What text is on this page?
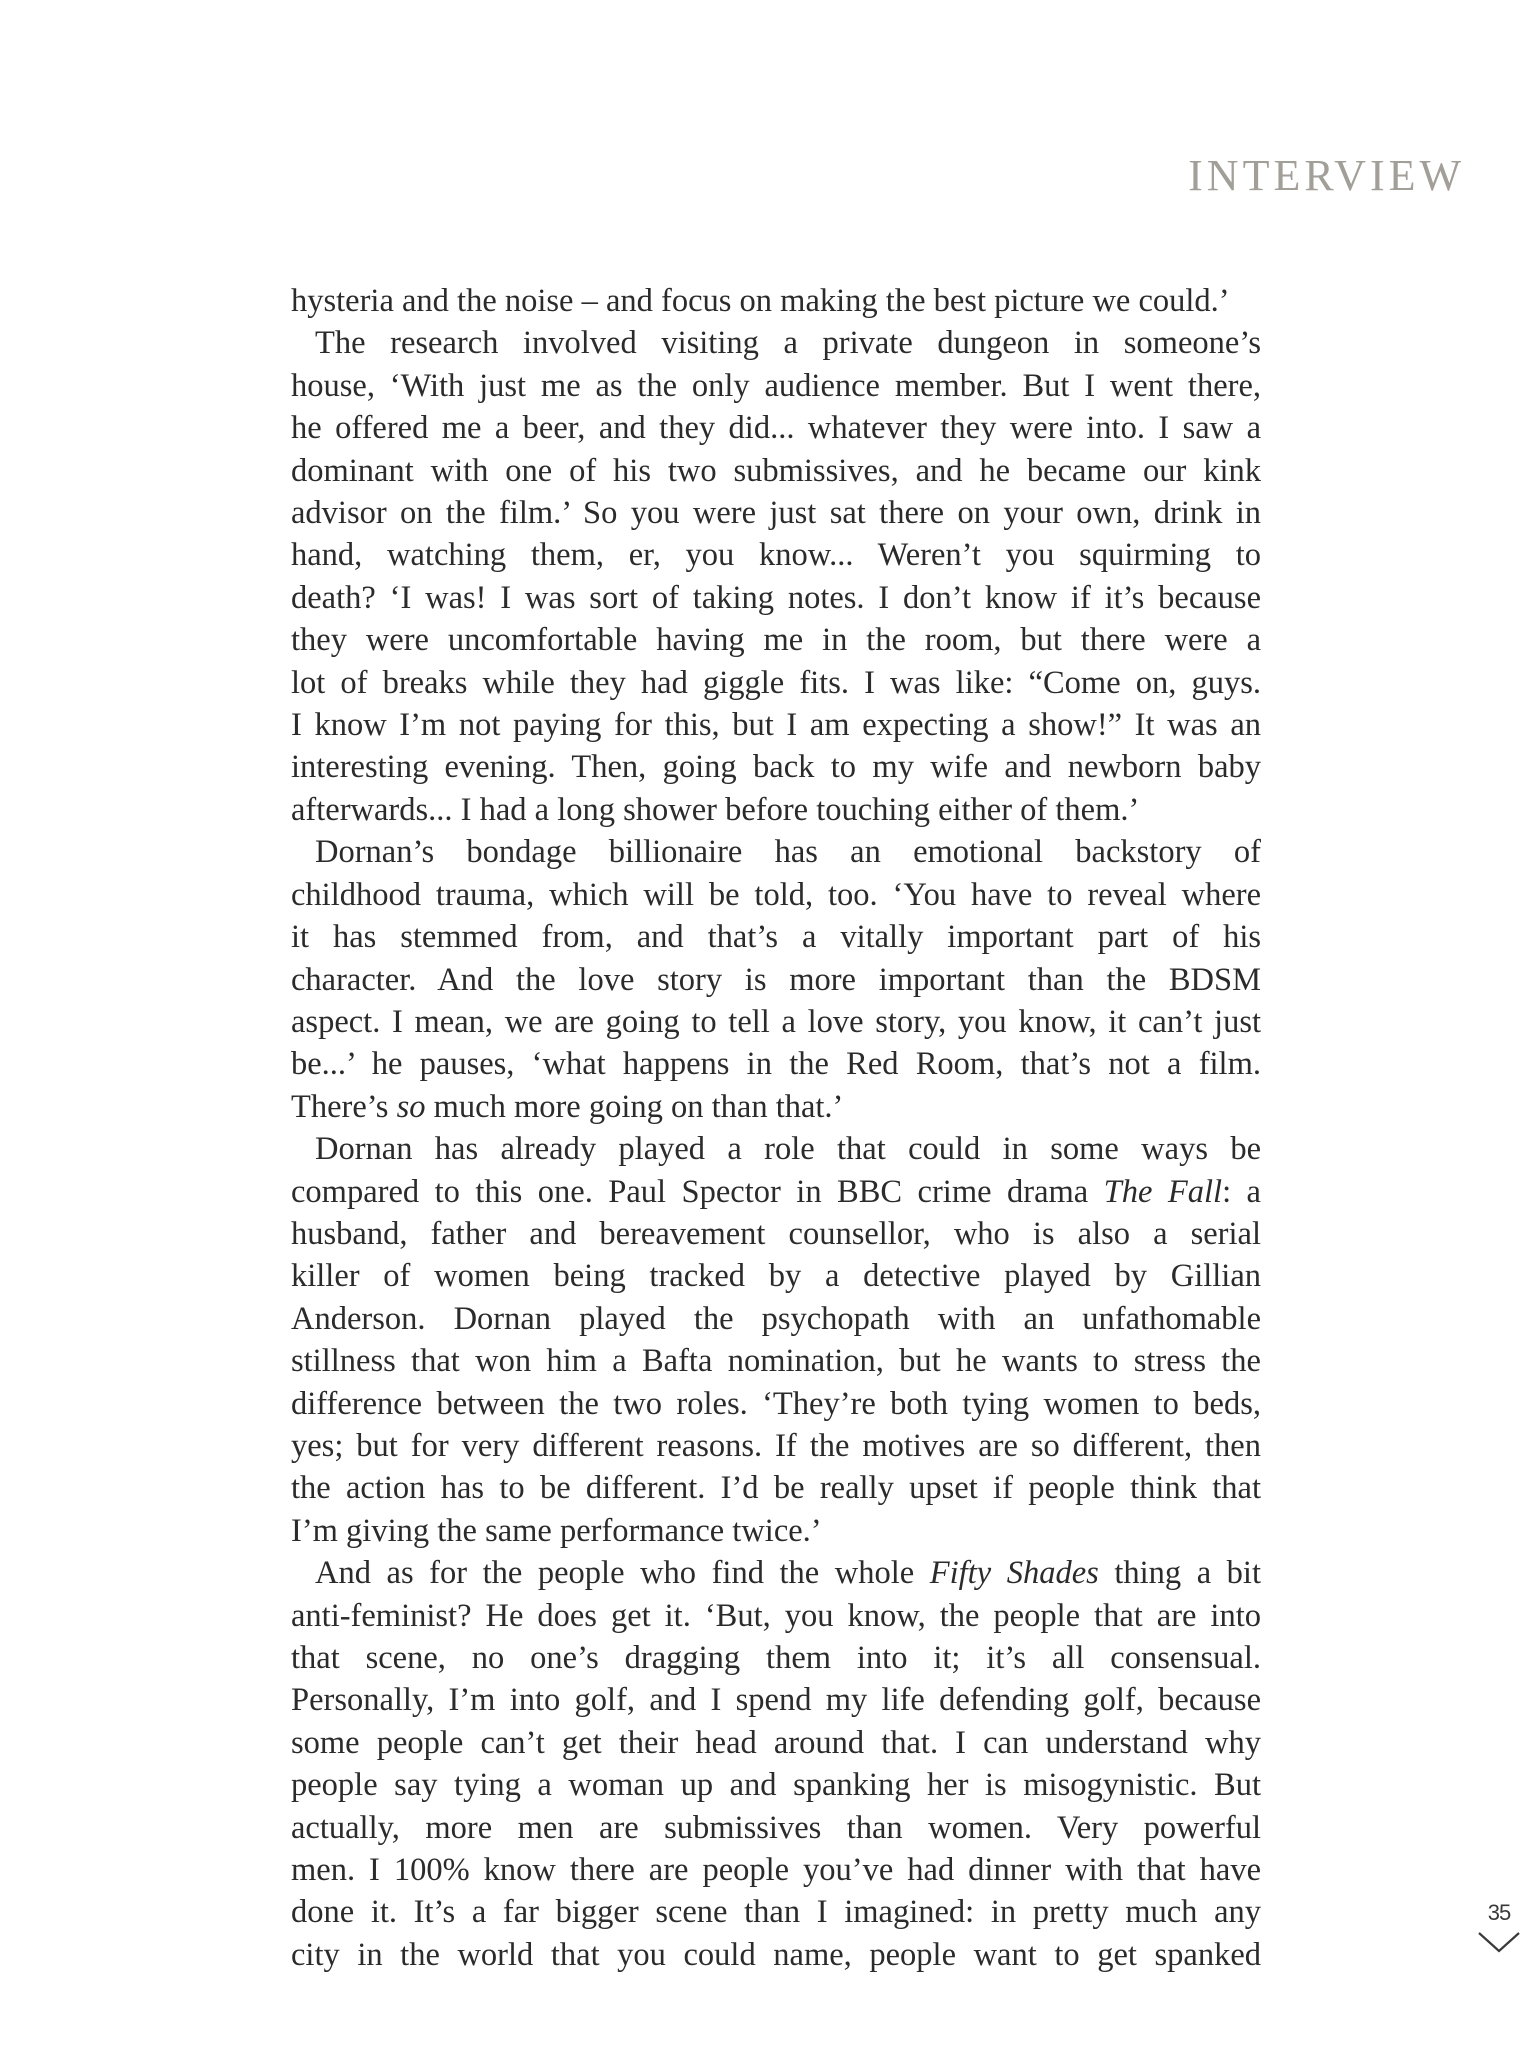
INTERVIEW

hysteria and the noise – and focus on making the best picture we could.’

The research involved visiting a private dungeon in someone’s
house, ‘With just me as the only audience member. But I went there,
he offered me a beer, and they did... whatever they were into. I saw a
dominant with one of his two submissives, and he became our kink
advisor on the film.’ So you were just sat there on your own, drink in
hand, watching them, er, you know... Weren’t you squirming to
death? ‘I was! I was sort of taking notes. I don’t know if it’s because
they were uncomfortable having me in the room, but there were a
lot of breaks while they had giggle fits. I was like: “Come on, guys.
I know I’m not paying for this, but I am expecting a show!” It was an
interesting evening. Then, going back to my wife and newborn baby
afterwards... I had a long shower before touching either of them.’

Dornan’s bondage billionaire has an emotional backstory of
childhood trauma, which will be told, too. ‘You have to reveal where
it has stemmed from, and that’s a vitally important part of his
character. And the love story is more important than the BDSM
aspect. I mean, we are going to tell a love story, you know, it can’t just
be...’ he pauses, ‘what happens in the Red Room, that’s not a film.
There’s so much more going on than that.’

Dornan has already played a role that could in some ways be
compared to this one. Paul Spector in BBC crime drama The Fall: a
husband, father and bereavement counsellor, who is also a serial
killer of women being tracked by a detective played by Gillian
Anderson. Dornan played the psychopath with an unfathomable
stillness that won him a Bafta nomination, but he wants to stress the
difference between the two roles. ‘They’re both tying women to beds,
yes; but for very different reasons. If the motives are so different, then
the action has to be different. I’d be really upset if people think that
I’m giving the same performance twice.’

And as for the people who find the whole Fifty Shades thing a bit
anti-feminist? He does get it. ‘But, you know, the people that are into
that scene, no one’s dragging them into it; it’s all consensual.
Personally, I’m into golf, and I spend my life defending golf, because
some people can’t get their head around that. I can understand why
people say tying a woman up and spanking her is misogynistic. But
actually, more men are submissives than women. Very powerful
men. I 100% know there are people you’ve had dinner with that have
done it. It’s a far bigger scene than I imagined: in pretty much any
city in the world that you could name, people want to get spanked

35
